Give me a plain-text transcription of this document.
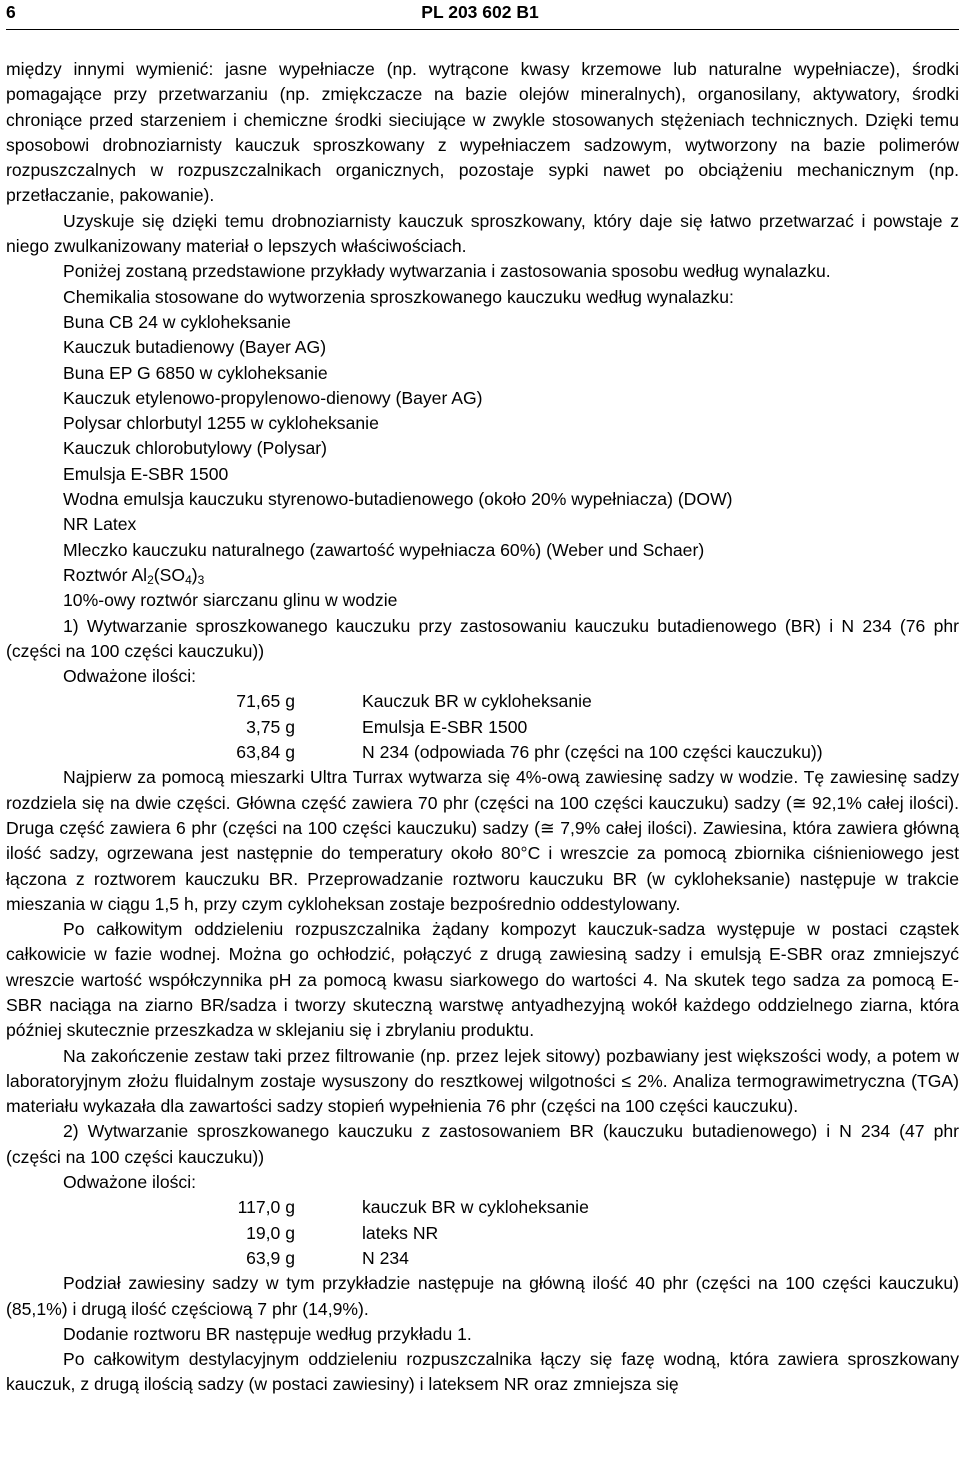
6	PL 203 602 B1

między innymi wymienić: jasne wypełniacze (np. wytrącone kwasy krzemowe lub naturalne wypełniacze), środki pomagające przy przetwarzaniu (np. zmiękczacze na bazie olejów mineralnych), organosilany, aktywatory, środki chroniące przed starzeniem i chemiczne środki sieciujące w zwykle stosowanych stężeniach technicznych. Dzięki temu sposobowi drobnoziarnisty kauczuk sproszkowany z wypełniaczem sadzowym, wytworzony na bazie polimerów rozpuszczalnych w rozpuszczalnikach organicznych, pozostaje sypki nawet po obciążeniu mechanicznym (np. przetłaczanie, pakowanie).

Uzyskuje się dzięki temu drobnoziarnisty kauczuk sproszkowany, który daje się łatwo przetwarzać i powstaje z niego zwulkanizowany materiał o lepszych właściwościach.

Poniżej zostaną przedstawione przykłady wytwarzania i zastosowania sposobu według wynalazku.

Chemikalia stosowane do wytworzenia sproszkowanego kauczuku według wynalazku:

Buna CB 24 w cykloheksanie
Kauczuk butadienowy (Bayer AG)
Buna EP G 6850 w cykloheksanie
Kauczuk etylenowo-propylenowo-dienowy (Bayer AG)
Polysar chlorbutyl 1255 w cykloheksanie
Kauczuk chlorobutylowy (Polysar)
Emulsja E-SBR 1500
Wodna emulsja kauczuku styrenowo-butadienowego (około 20% wypełniacza) (DOW)
NR Latex
Mleczko kauczuku naturalnego (zawartość wypełniacza 60%) (Weber und Schaer)
Roztwór $Al_2(SO_4)_3$
10%-owy roztwór siarczanu glinu w wodzie

1) Wytwarzanie sproszkowanego kauczuku przy zastosowaniu kauczuku butadienowego (BR) i N 234 (76 phr (części na 100 części kauczuku))

Odważone ilości:
71,65 g	Kauczuk BR w cykloheksanie
3,75 g	Emulsja E-SBR 1500
63,84 g	N 234 (odpowiada 76 phr (części na 100 części kauczuku))

Najpierw za pomocą mieszarki Ultra Turrax wytwarza się 4%-ową zawiesinę sadzy w wodzie. Tę zawiesinę sadzy rozdziela się na dwie części. Główna część zawiera 70 phr (części na 100 części kauczuku) sadzy (≅ 92,1% całej ilości). Druga część zawiera 6 phr (części na 100 części kauczuku) sadzy (≅ 7,9% całej ilości). Zawiesina, która zawiera główną ilość sadzy, ogrzewana jest następnie do temperatury około 80°C i wreszcie za pomocą zbiornika ciśnieniowego jest łączona z roztworem kauczuku BR. Przeprowadzanie roztworu kauczuku BR (w cykloheksanie) następuje w trakcie mieszania w ciągu 1,5 h, przy czym cykloheksan zostaje bezpośrednio oddestylowany.

Po całkowitym oddzieleniu rozpuszczalnika żądany kompozyt kauczuk-sadza występuje w postaci cząstek całkowicie w fazie wodnej. Można go ochłodzić, połączyć z drugą zawiesiną sadzy i emulsją E-SBR oraz zmniejszyć wreszcie wartość współczynnika pH za pomocą kwasu siarkowego do wartości 4. Na skutek tego sadza za pomocą E-SBR naciąga na ziarno BR/sadza i tworzy skuteczną warstwę antyadhezyjną wokół każdego oddzielnego ziarna, która później skutecznie przeszkadza w sklejaniu się i zbrylaniu produktu.

Na zakończenie zestaw taki przez filtrowanie (np. przez lejek sitowy) pozbawiany jest większości wody, a potem w laboratoryjnym złożu fluidalnym zostaje wysuszony do resztkowej wilgotności ≤ 2%. Analiza termograwimetryczna (TGA) materiału wykazała dla zawartości sadzy stopień wypełnienia 76 phr (części na 100 części kauczuku).

2) Wytwarzanie sproszkowanego kauczuku z zastosowaniem BR (kauczuku butadienowego) i N 234 (47 phr (części na 100 części kauczuku))

Odważone ilości:
117,0 g	kauczuk BR w cykloheksanie
19,0 g	lateks NR
63,9 g	N 234

Podział zawiesiny sadzy w tym przykładzie następuje na główną ilość 40 phr (części na 100 części kauczuku) (85,1%) i drugą ilość częściową 7 phr (14,9%).

Dodanie roztworu BR następuje według przykładu 1.

Po całkowitym destylacyjnym oddzieleniu rozpuszczalnika łączy się fazę wodną, która zawiera sproszkowany kauczuk, z drugą ilością sadzy (w postaci zawiesiny) i lateksem NR oraz zmniejsza się
